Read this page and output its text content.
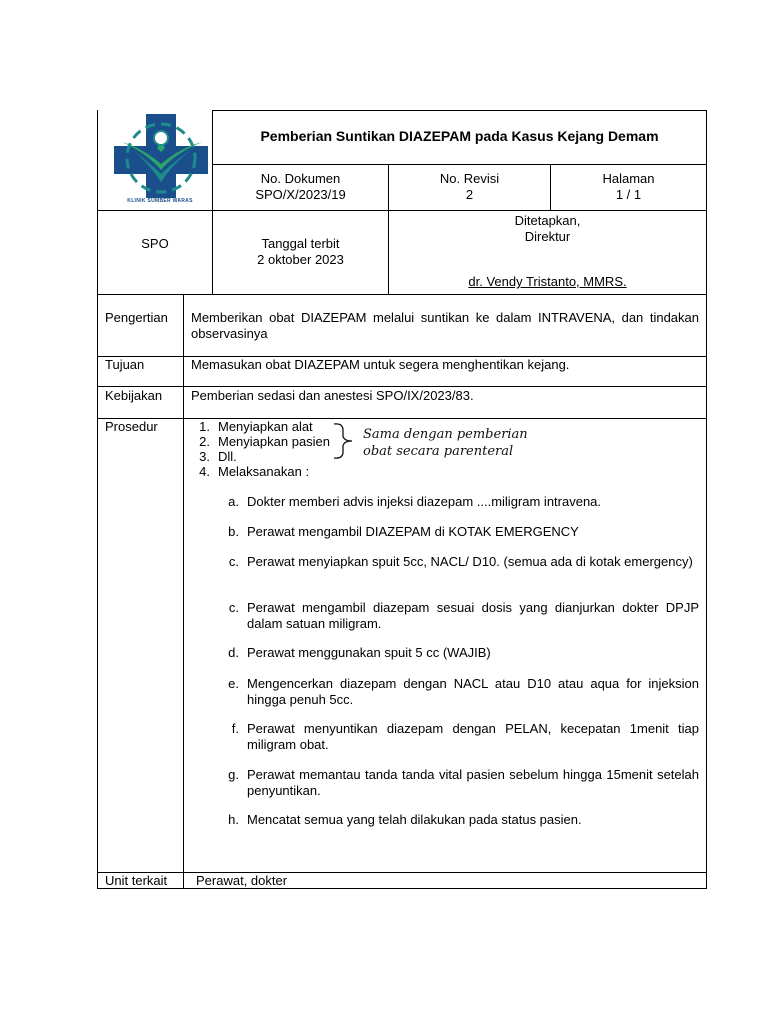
KLINIK SUMBER WARAS
Pemberian Suntikan DIAZEPAM pada Kasus Kejang Demam
No. Dokumen
SPO/X/2023/19
No. Revisi
2
Halaman
1 / 1
SPO	Tanggal terbit
2 oktober 2023
Ditetapkan,
Direktur
dr. Vendy Tristanto, MMRS.
Pengertian Memberikan obat DIAZEPAM melalui suntikan ke dalam INTRAVENA, dan tindakan observasinya
Tujuan	Memasukan obat DIAZEPAM untuk segera menghentikan kejang.
Kebijakan Pemberian sedasi dan anestesi SPO/IX/2023/83.
Prosedur
Unit terkait Perawat, dokter
1. Menyiapkan alat
2. Menyiapkan pasien
3. Dll.
4. Melaksanakan :
Sama dengan pemberian
obat secara parenteral
a. Dokter memberi advis injeksi diazepam ....miligram intravena.
b. Perawat mengambil DIAZEPAM di KOTAK EMERGENCY
c. Perawat menyiapkan spuit 5cc, NACL/ D10. (semua ada di kotak emergency)
c. Perawat mengambil diazepam sesuai dosis yang dianjurkan dokter DPJP dalam satuan miligram.
d. Perawat menggunakan spuit 5 cc (WAJIB)
e. Mengencerkan diazepam dengan NACL atau D10 atau aqua for injeksion hingga penuh 5cc.
f. Perawat menyuntikan diazepam dengan PELAN, kecepatan 1menit tiap miligram obat.
g. Perawat memantau tanda tanda vital pasien sebelum hingga 15menit setelah penyuntikan.
h. Mencatat semua yang telah dilakukan pada status pasien.
